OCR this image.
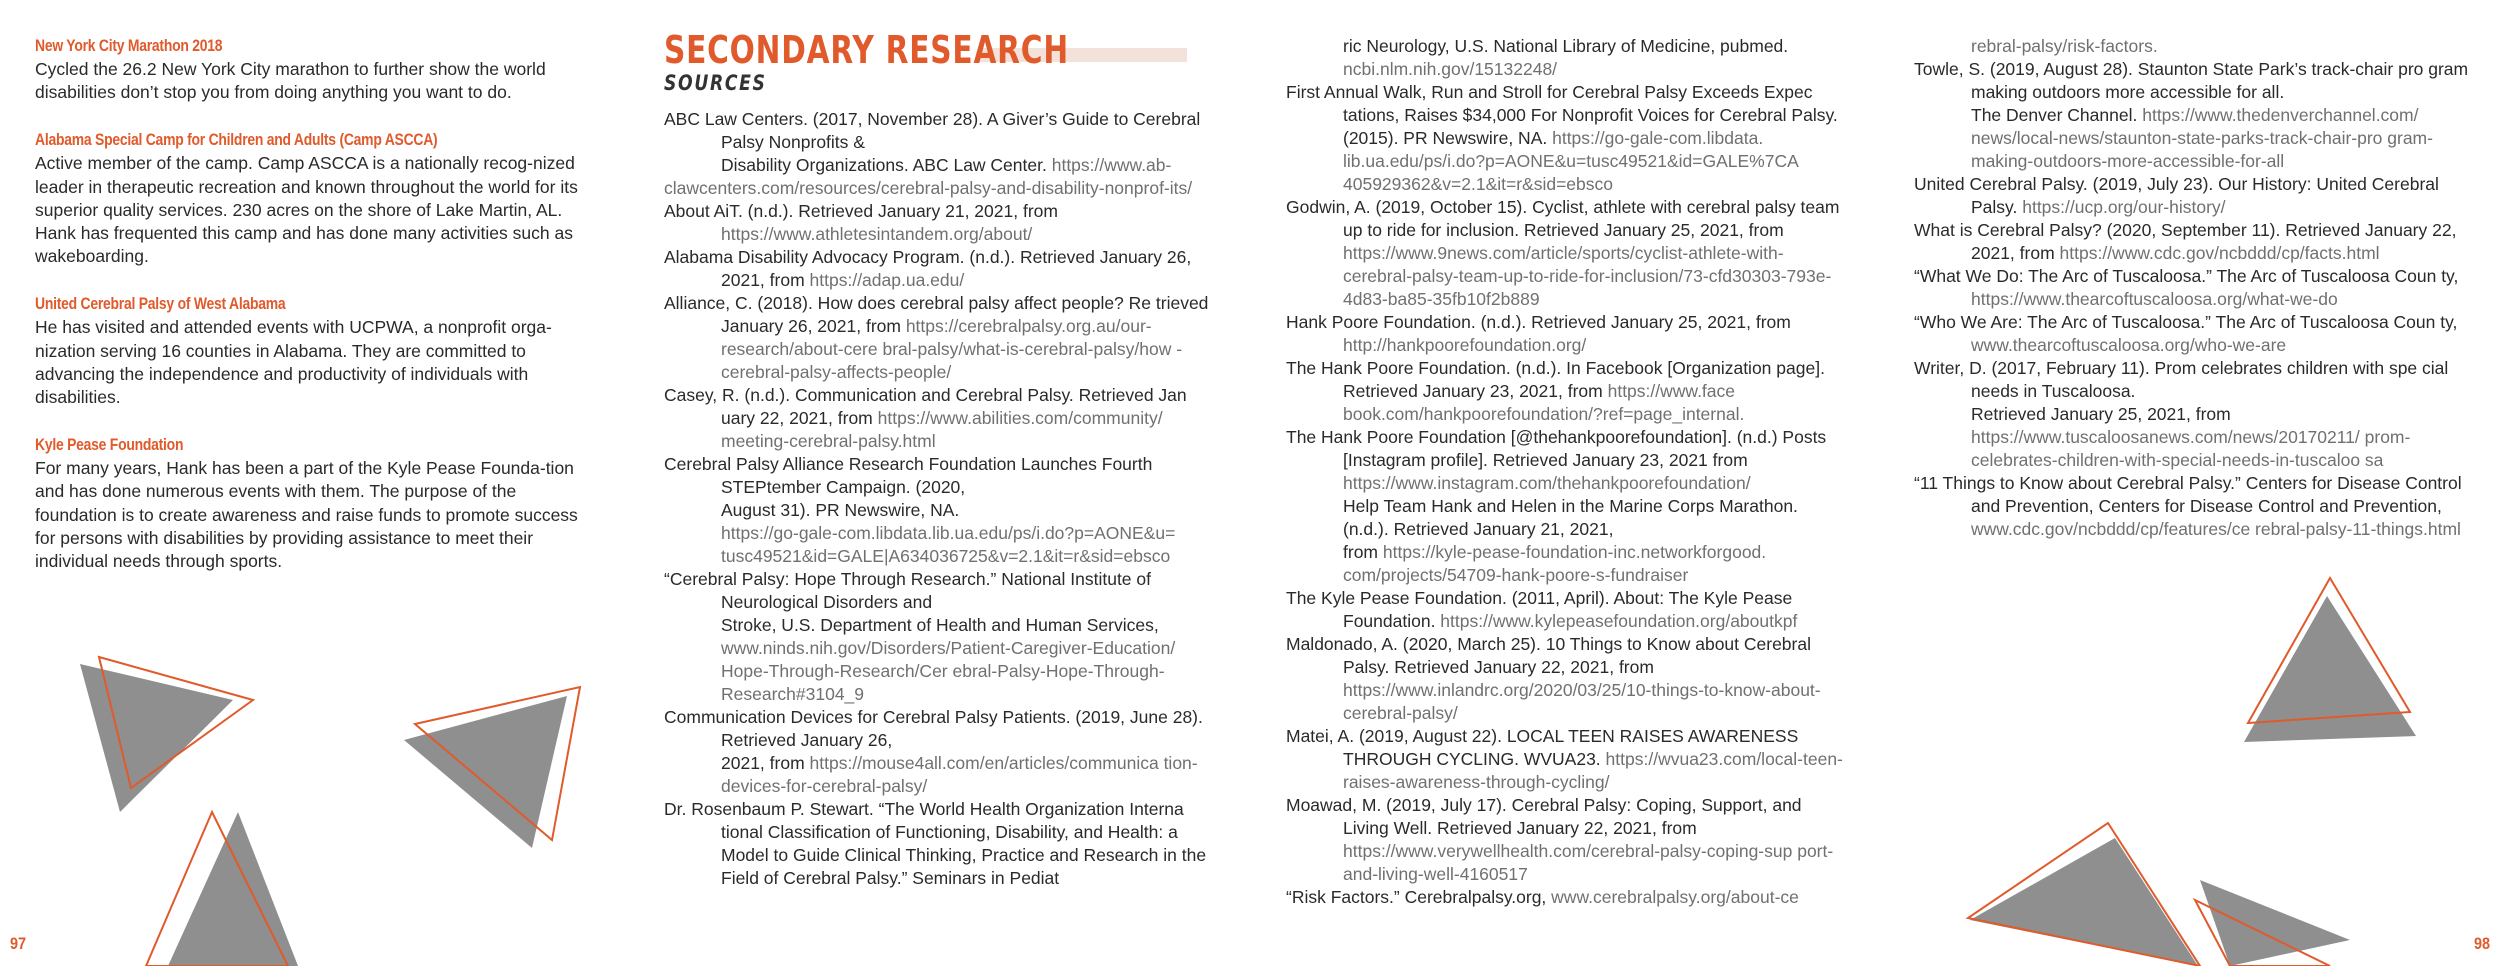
New York City Marathon 2018
Cycled the 26.2 New York City marathon to further show the world disabilities don’t stop you from doing anything you want to do.
Alabama Special Camp for Children and Adults (Camp ASCCA)
Active member of the camp. Camp ASCCA is a nationally recog-nized leader in therapeutic recreation and known throughout the world for its superior quality services. 230 acres on the shore of Lake Martin, AL. Hank has frequented this camp and has done many activities such as wakeboarding.
United Cerebral Palsy of West Alabama
He has visited and attended events with UCPWA, a nonprofit orga-nization serving 16 counties in Alabama. They are committed to advancing the independence and productivity of individuals with disabilities.
Kyle Pease Foundation
For many years, Hank has been a part of the Kyle Pease Founda-tion and has done numerous events with them. The purpose of the foundation is to create awareness and raise funds to promote success for persons with disabilities by providing assistance to meet their individual needs through sports.
SECONDARY RESEARCH
SOURCES
ABC Law Centers. (2017, November 28). A Giver’s Guide to Cerebral Palsy Nonprofits &
Disability Organizations. ABC Law Center. https://www.ab-
clawcenters.com/resources/cerebral-palsy-and-disability-nonprof-its/
About AiT. (n.d.). Retrieved January 21, 2021, from https://www.athletesintandem.org/about/
Alabama Disability Advocacy Program. (n.d.). Retrieved January 26, 2021, from https://adap.ua.edu/
Alliance, C. (2018). How does cerebral palsy affect people? Re trieved January 26, 2021, from https://cerebralpalsy.org.au/our-research/about-cere bral-palsy/what-is-cerebral-palsy/how -cerebral-palsy-affects-people/
Casey, R. (n.d.). Communication and Cerebral Palsy. Retrieved Jan uary 22, 2021, from https://www.abilities.com/community/ meeting-cerebral-palsy.html
Cerebral Palsy Alliance Research Foundation Launches Fourth STEPtember Campaign. (2020,
August 31). PR Newswire, NA.
https://go-gale-com.libdata.lib.ua.edu/ps/i.do?p=AONE&u= tusc49521&id=GALE|A634036725&v=2.1&it=r&sid=ebsco
“Cerebral Palsy: Hope Through Research.” National Institute of Neurological Disorders and
Stroke, U.S. Department of Health and Human Services, www.ninds.nih.gov/Disorders/Patient-Caregiver-Education/ Hope-Through-Research/Cer ebral-Palsy-Hope-Through-Research#3104_9
Communication Devices for Cerebral Palsy Patients. (2019, June 28). Retrieved January 26,
2021, from https://mouse4all.com/en/articles/communica tion-devices-for-cerebral-palsy/
Dr. Rosenbaum P. Stewart. “The World Health Organization Interna tional Classification of Functioning, Disability, and Health: a Model to Guide Clinical Thinking, Practice and Research in the Field of Cerebral Palsy.” Seminars in Pediat
ric Neurology, U.S. National Library of Medicine, pubmed. ncbi.nlm.nih.gov/15132248/
First Annual Walk, Run and Stroll for Cerebral Palsy Exceeds Expec tations, Raises $34,000 For Nonprofit Voices for Cerebral Palsy. (2015). PR Newswire, NA. https://go-gale-com.libdata. lib.ua.edu/ps/i.do?p=AONE&u=tusc49521&id=GALE%7CA 405929362&v=2.1&it=r&sid=ebsco
Godwin, A. (2019, October 15). Cyclist, athlete with cerebral palsy team up to ride for inclusion. Retrieved January 25, 2021, from https://www.9news.com/article/sports/cyclist-athlete-with-cerebral-palsy-team-up-to-ride-for-inclusion/73-cfd30303-793e-4d83-ba85-35fb10f2b889
Hank Poore Foundation. (n.d.). Retrieved January 25, 2021, from http://hankpoorefoundation.org/
The Hank Poore Foundation. (n.d.). In Facebook [Organization page]. Retrieved January 23, 2021, from https://www.face book.com/hankpoorefoundation/?ref=page_internal.
The Hank Poore Foundation [@thehankpoorefoundation]. (n.d.) Posts [Instagram profile]. Retrieved January 23, 2021 from https://www.instagram.com/thehankpoorefoundation/
Help Team Hank and Helen in the Marine Corps Marathon. (n.d.). Retrieved January 21, 2021,
from https://kyle-pease-foundation-inc.networkforgood. com/projects/54709-hank-poore-s-fundraiser
The Kyle Pease Foundation. (2011, April). About: The Kyle Pease Foundation. https://www.kylepeasefoundation.org/aboutkpf
Maldonado, A. (2020, March 25). 10 Things to Know about Cerebral Palsy. Retrieved January 22, 2021, from https://www.inlandrc.org/2020/03/25/10-things-to-know-about-cerebral-palsy/
Matei, A. (2019, August 22). LOCAL TEEN RAISES AWARENESS THROUGH CYCLING. WVUA23. https://wvua23.com/local-teen-raises-awareness-through-cycling/
Moawad, M. (2019, July 17). Cerebral Palsy: Coping, Support, and Living Well. Retrieved January 22, 2021, from https://www.verywellhealth.com/cerebral-palsy-coping-sup port-and-living-well-4160517
“Risk Factors.” Cerebralpalsy.org, www.cerebralpalsy.org/about-ce
rebral-palsy/risk-factors.
Towle, S. (2019, August 28). Staunton State Park’s track-chair pro gram making outdoors more accessible for all.
The Denver Channel. https://www.thedenverchannel.com/ news/local-news/staunton-state-parks-track-chair-pro gram-making-outdoors-more-accessible-for-all
United Cerebral Palsy. (2019, July 23). Our History: United Cerebral Palsy. https://ucp.org/our-history/
What is Cerebral Palsy? (2020, September 11). Retrieved January 22, 2021, from https://www.cdc.gov/ncbddd/cp/facts.html
“What We Do: The Arc of Tuscaloosa.” The Arc of Tuscaloosa Coun ty, https://www.thearcoftuscaloosa.org/what-we-do
“Who We Are: The Arc of Tuscaloosa.” The Arc of Tuscaloosa Coun ty, www.thearcoftuscaloosa.org/who-we-are
Writer, D. (2017, February 11). Prom celebrates children with spe cial needs in Tuscaloosa.
Retrieved January 25, 2021, from https://www.tuscaloosanews.com/news/20170211/ prom-celebrates-children-with-special-needs-in-tuscaloo sa
“11 Things to Know about Cerebral Palsy.” Centers for Disease Control and Prevention, Centers for Disease Control and Prevention, www.cdc.gov/ncbddd/cp/features/ce rebral-palsy-11-things.html
97	98
